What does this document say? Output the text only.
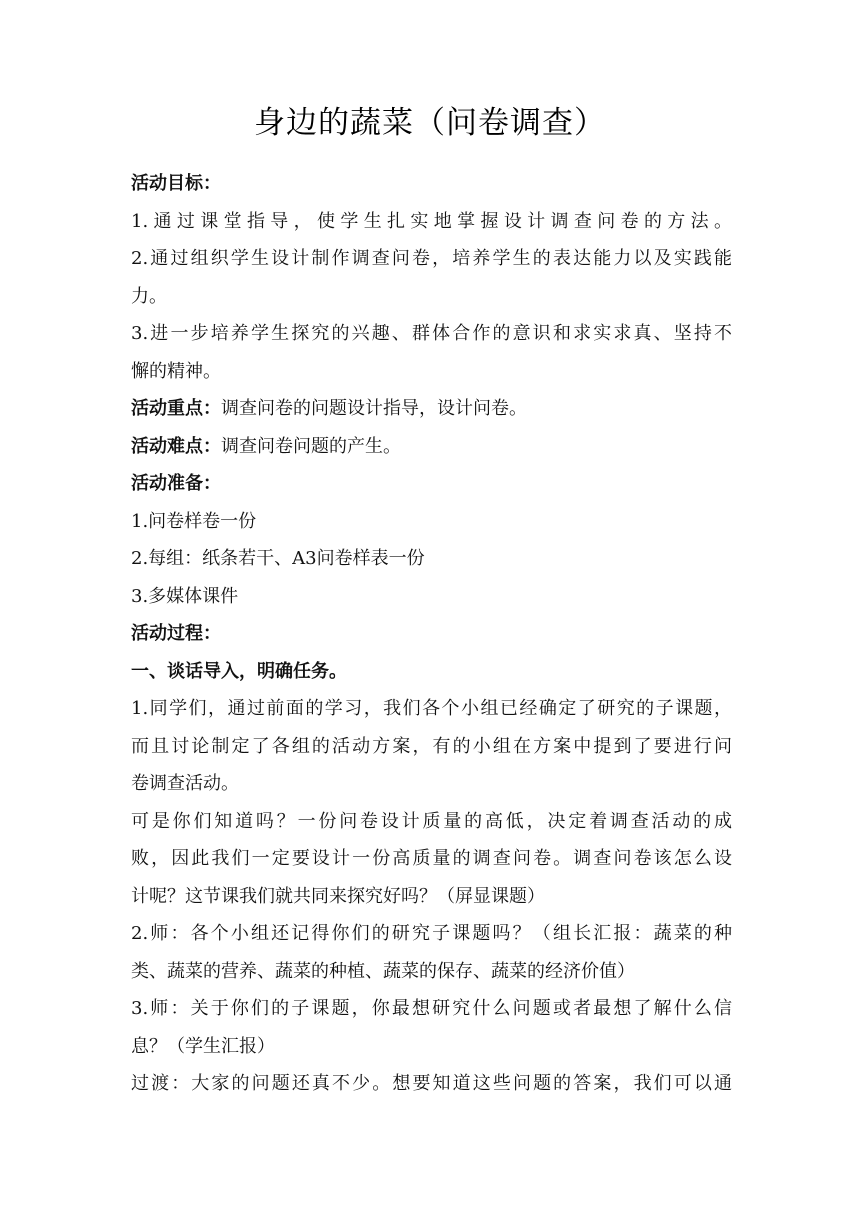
身边的蔬菜（问卷调查）
活动目标：
1.通过课堂指导，使学生扎实地掌握设计调查问卷的方法。
2.通过组织学生设计制作调查问卷，培养学生的表达能力以及实践能
力。
3.进一步培养学生探究的兴趣、群体合作的意识和求实求真、坚持不
懈的精神。
活动重点：调查问卷的问题设计指导，设计问卷。
活动难点：调查问卷问题的产生。
活动准备：
1.问卷样卷一份
2.每组：纸条若干、A3问卷样表一份
3.多媒体课件
活动过程：
一、谈话导入，明确任务。
1.同学们，通过前面的学习，我们各个小组已经确定了研究的子课题，
而且讨论制定了各组的活动方案，有的小组在方案中提到了要进行问
卷调查活动。
可是你们知道吗？一份问卷设计质量的高低，决定着调查活动的成
败，因此我们一定要设计一份高质量的调查问卷。调查问卷该怎么设
计呢？这节课我们就共同来探究好吗？（屏显课题）
2.师：各个小组还记得你们的研究子课题吗？（组长汇报：蔬菜的种
类、蔬菜的营养、蔬菜的种植、蔬菜的保存、蔬菜的经济价值）
3.师：关于你们的子课题，你最想研究什么问题或者最想了解什么信
息？（学生汇报）
过渡：大家的问题还真不少。想要知道这些问题的答案，我们可以通
